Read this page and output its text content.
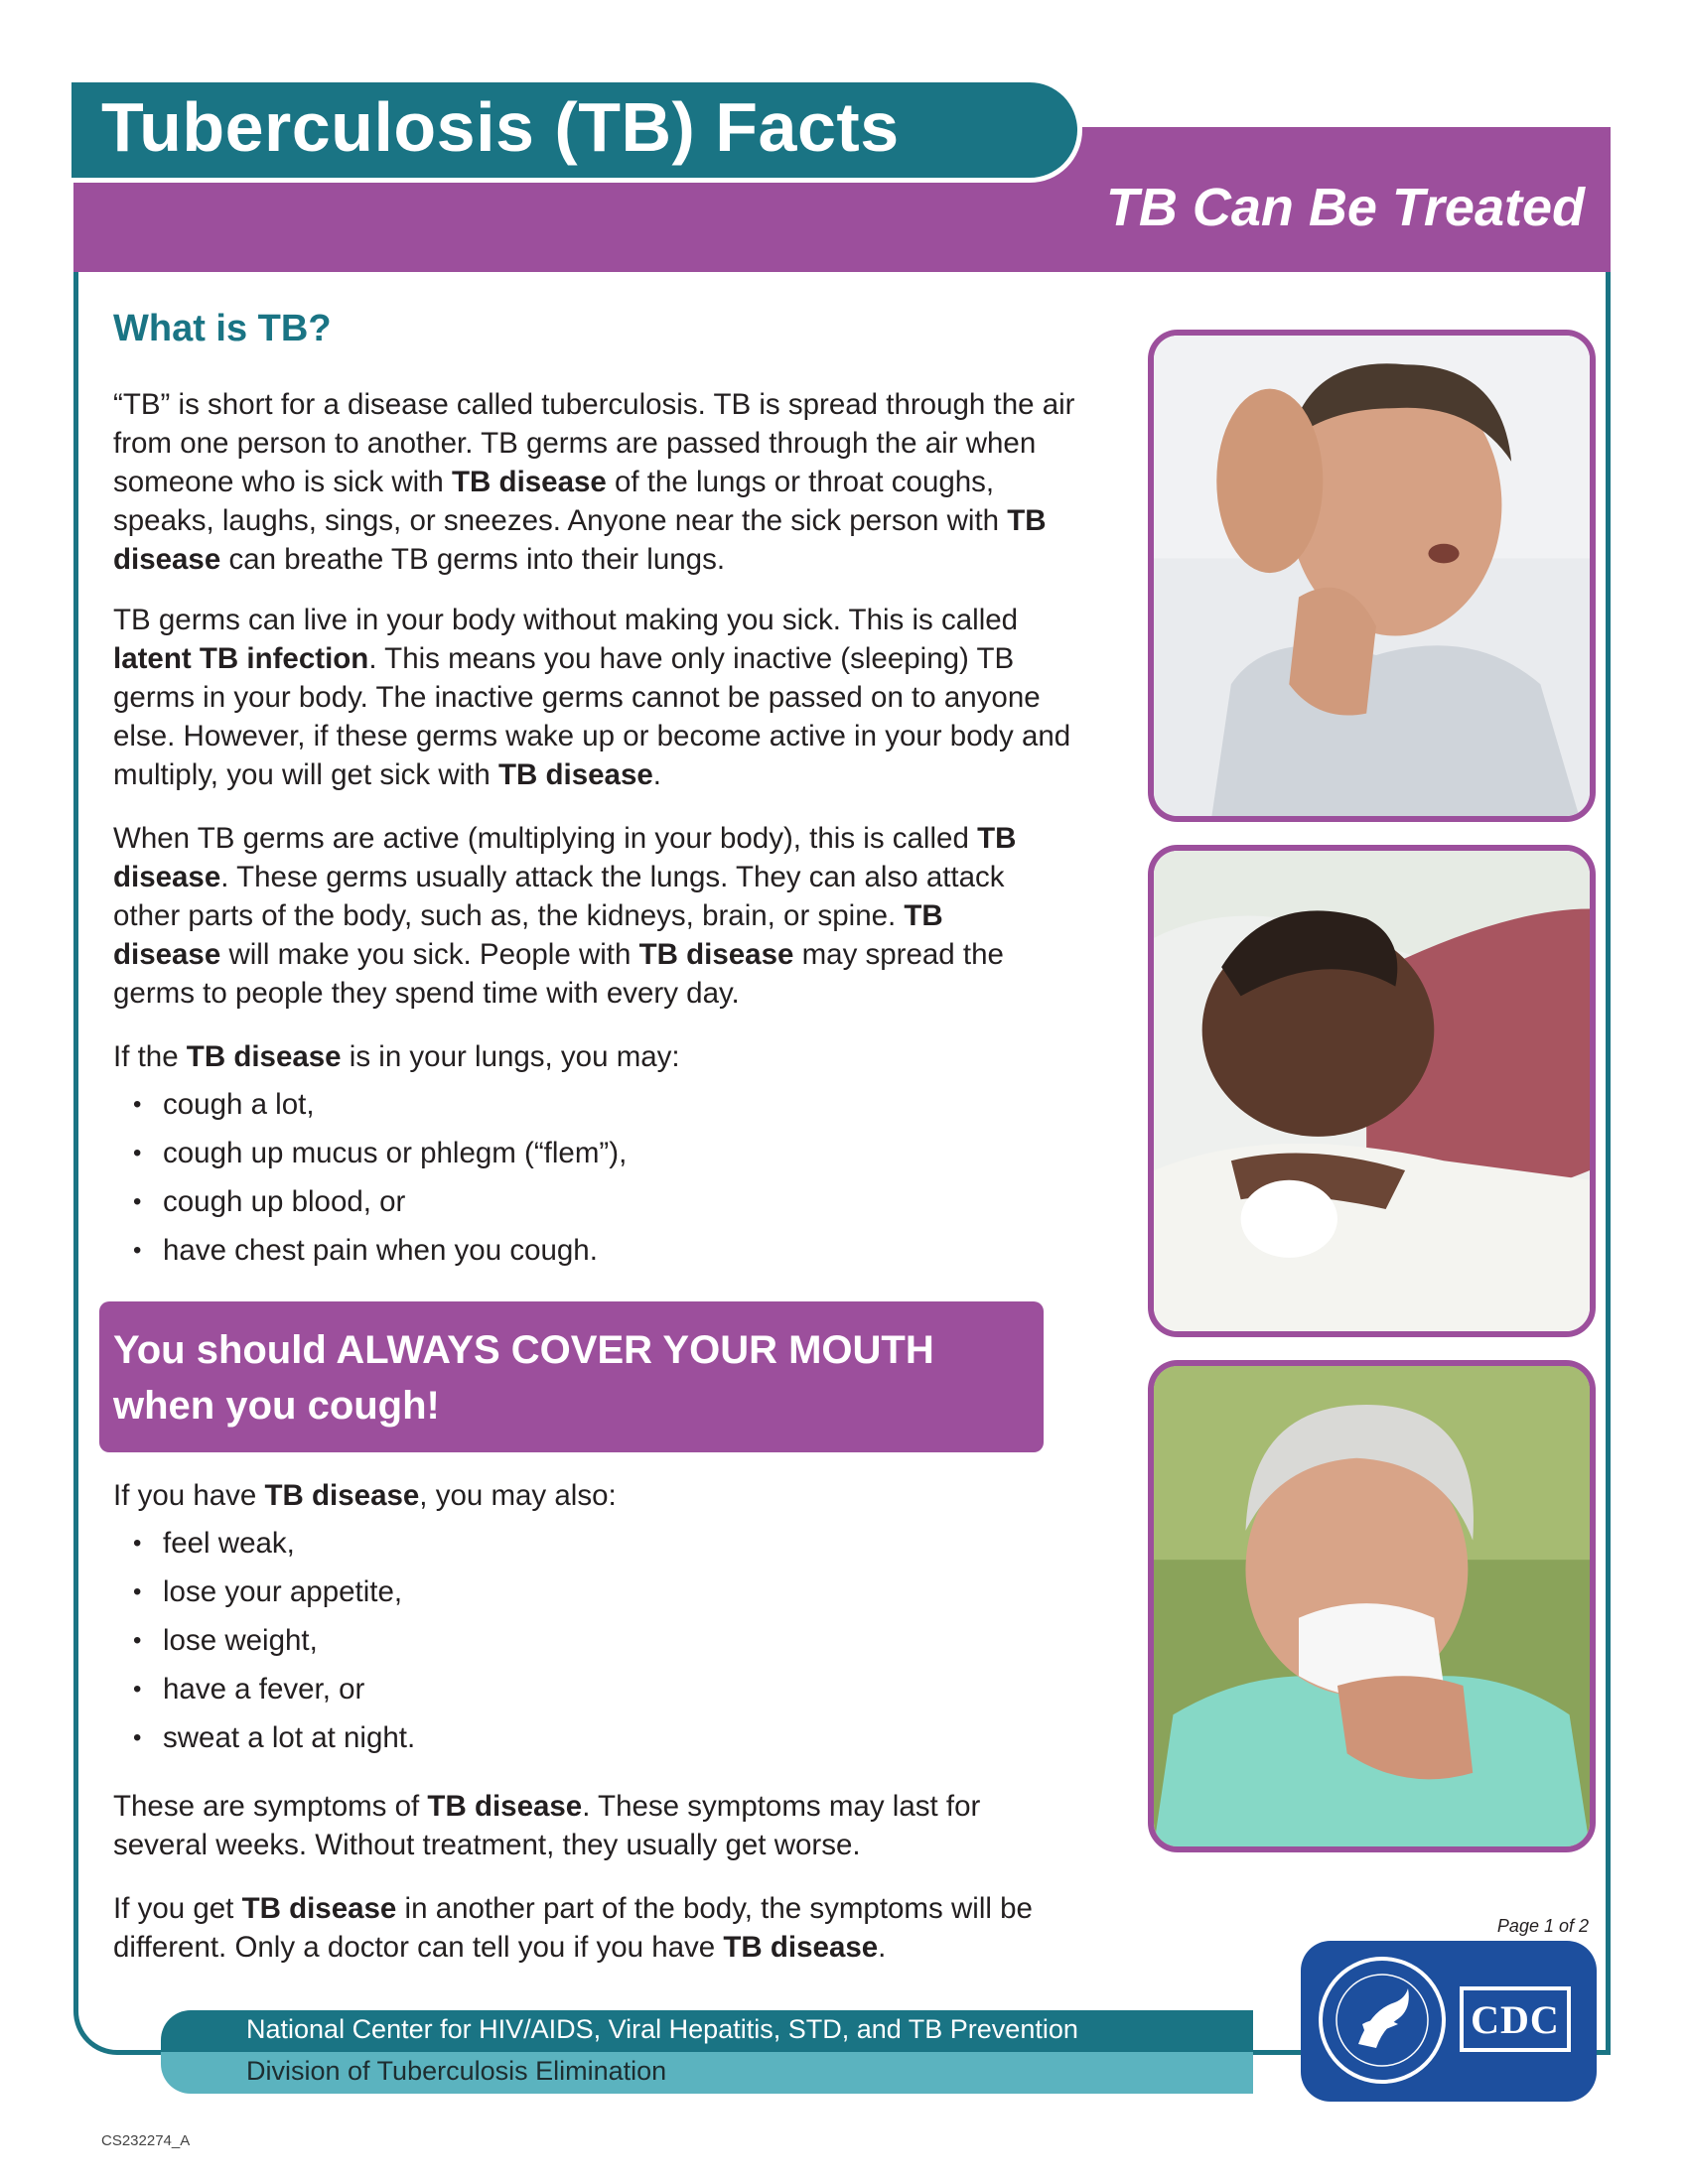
Tuberculosis (TB) Facts
TB Can Be Treated
What is TB?

“TB” is short for a disease called tuberculosis. TB is spread through the air from one person to another. TB germs are passed through the air when someone who is sick with TB disease of the lungs or throat coughs, speaks, laughs, sings, or sneezes. Anyone near the sick person with TB disease can breathe TB germs into their lungs.

TB germs can live in your body without making you sick. This is called latent TB infection. This means you have only inactive (sleeping) TB germs in your body. The inactive germs cannot be passed on to anyone else. However, if these germs wake up or become active in your body and multiply, you will get sick with TB disease.

When TB germs are active (multiplying in your body), this is called TB disease. These germs usually attack the lungs. They can also attack other parts of the body, such as, the kidneys, brain, or spine. TB disease will make you sick. People with TB disease may spread the germs to people they spend time with every day.

If the TB disease is in your lungs, you may:

• cough a lot,
• cough up mucus or phlegm (“flem”),
• cough up blood, or
• have chest pain when you cough.
You should ALWAYS COVER YOUR MOUTH
when you cough!

If you have TB disease, you may also:

• feel weak,
• lose your appetite,
• lose weight,
• have a fever, or
• sweat a lot at night.

These are symptoms of TB disease. These symptoms may last for several weeks. Without treatment, they usually get worse.

If you get TB disease in another part of the body, the symptoms will be different. Only a doctor can tell you if you have TB disease.

Page 1 of 2
National Center for HIV/AIDS, Viral Hepatitis, STD, and TB Prevention
Division of Tuberculosis Elimination
CDC
CS232274_A
